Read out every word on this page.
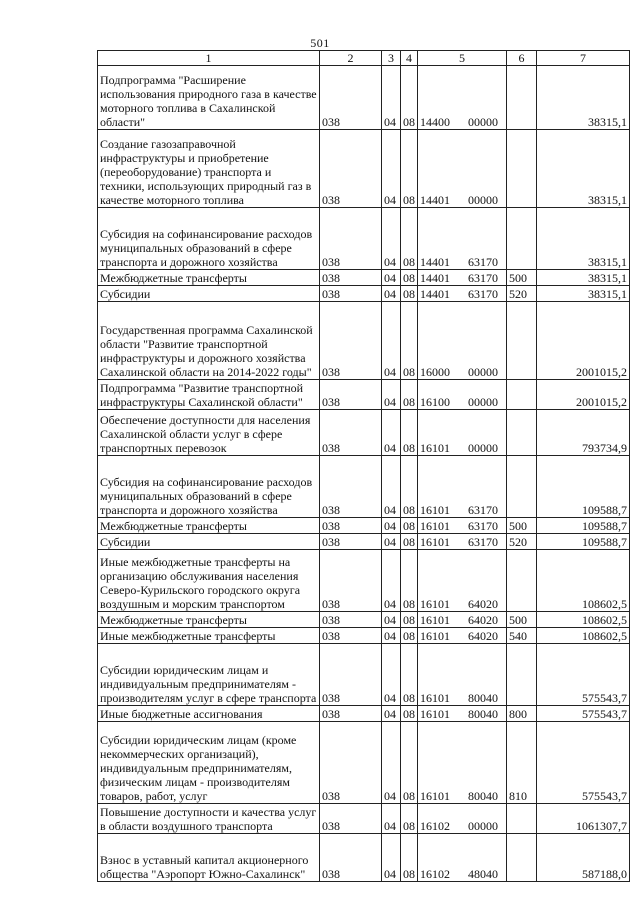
501
1	2	3	4	5	6	7
Подпрограмма "Расширение использования природного газа в качестве моторного топлива в Сахалинской области"	038	04	08	14400  00000		38315,1
Создание газозаправочной инфраструктуры и приобретение (переоборудование) транспорта и техники, использующих природный газ в качестве моторного топлива	038	04	08	14401  00000		38315,1
Субсидия на софинансирование расходов муниципальных образований в сфере транспорта и дорожного хозяйства	038	04	08	14401  63170		38315,1
Межбюджетные трансферты	038	04	08	14401  63170	500	38315,1
Субсидии	038	04	08	14401  63170	520	38315,1
Государственная программа Сахалинской области "Развитие транспортной инфраструктуры и дорожного хозяйства Сахалинской области на 2014-2022 годы"	038	04	08	16000  00000		2001015,2
Подпрограмма "Развитие транспортной инфраструктуры Сахалинской области"	038	04	08	16100  00000		2001015,2
Обеспечение доступности для населения Сахалинской области услуг в сфере транспортных перевозок	038	04	08	16101  00000		793734,9
Субсидия на софинансирование расходов муниципальных образований в сфере транспорта и дорожного хозяйства	038	04	08	16101  63170		109588,7
Межбюджетные трансферты	038	04	08	16101  63170	500	109588,7
Субсидии	038	04	08	16101  63170	520	109588,7
Иные межбюджетные трансферты на организацию обслуживания населения Северо-Курильского городского округа воздушным и морским транспортом	038	04	08	16101  64020		108602,5
Межбюджетные трансферты	038	04	08	16101  64020	500	108602,5
Иные межбюджетные трансферты	038	04	08	16101  64020	540	108602,5
Субсидии юридическим лицам и индивидуальным предпринимателям - производителям услуг в сфере транспорта	038	04	08	16101  80040		575543,7
Иные бюджетные ассигнования	038	04	08	16101  80040	800	575543,7
Субсидии юридическим лицам (кроме некоммерческих организаций), индивидуальным предпринимателям, физическим лицам - производителям товаров, работ, услуг	038	04	08	16101  80040	810	575543,7
Повышение доступности и качества услуг в области воздушного транспорта	038	04	08	16102  00000		1061307,7
Взнос в уставный капитал акционерного общества "Аэропорт Южно-Сахалинск"	038	04	08	16102  48040		587188,0
